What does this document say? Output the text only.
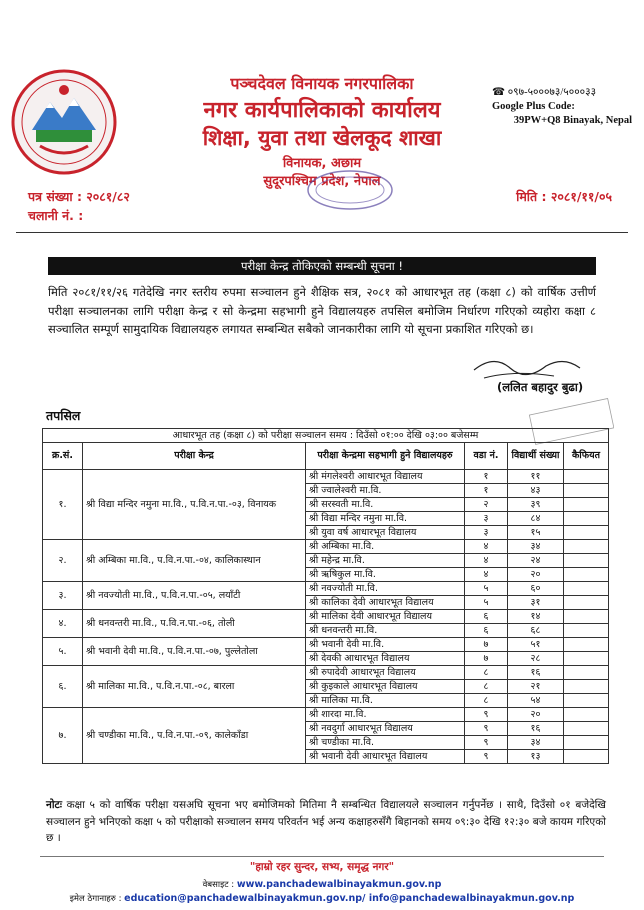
पञ्चदेवल विनायक नगरपालिका
नगर कार्यपालिकाको कार्यालय
शिक्षा, युवा तथा खेलकूद शाखा
विनायक, अछाम
सुदूरपश्चिम प्रदेश, नेपाल
☎ ०९७-५०००७३/५०००३३
Google Plus Code:
39PW+Q8 Binayak, Nepal
पत्र संख्या : २०८१/८२
चलानी नं. :
मिति : २०८१/११/०५
परीक्षा केन्द्र तोकिएको सम्बन्धी सूचना !
मिति २०८१/११/२६ गतेदेखि नगर स्तरीय रुपमा सञ्चालन हुने शैक्षिक सत्र, २०८१ को आधारभूत तह (कक्षा ८) को वार्षिक उत्तीर्ण परीक्षा सञ्चालनका लागि परीक्षा केन्द्र र सो केन्द्रमा सहभागी हुने विद्यालयहरु तपसिल बमोजिम निर्धारण गरिएको व्यहोरा कक्षा ८ सञ्चालित सम्पूर्ण सामुदायिक विद्यालयहरु लगायत सम्बन्धित सबैको जानकारीका लागि यो सूचना प्रकाशित गरिएको छ।
(ललित बहादुर बुढा)
तपसिल
आधारभूत तह (कक्षा ८) को परीक्षा सञ्चालन समय : दिउँसो ०१:०० देखि ०३:०० बजेसम्म					
क्र.सं.	परीक्षा केन्द्र	परीक्षा केन्द्रमा सहभागी हुने विद्यालयहरु	वडा नं.	विद्यार्थी संख्या	कैफियत
१.	श्री विद्या मन्दिर नमुना मा.वि., प.वि.न.पा.-०३, विनायक	श्री मंगलेश्वरी आधारभूत विद्यालय	१	११	
		श्री ज्वालेश्वरी मा.वि.	१	४३	
		श्री सरस्वती मा.वि.	२	३९	
		श्री विद्या मन्दिर नमुना मा.वि.	३	८४	
		श्री युवा वर्ष आधारभूत विद्यालय	३	१५	
२.	श्री अम्बिका मा.वि., प.वि.न.पा.-०४, कालिकास्थान	श्री अम्बिका मा.वि.	४	३४	
		श्री महेन्द्र मा.वि.	४	२४	
		श्री ऋषिकुल मा.वि.	४	२०	
३.	श्री नवज्योती मा.वि., प.वि.न.पा.-०५, लयाँटी	श्री नवज्योती मा.वि.	५	६०	
		श्री कालिका देवी आधारभूत विद्यालय	५	३१	
४.	श्री धनवन्तरी मा.वि., प.वि.न.पा.-०६, तोली	श्री मालिका देवी आधारभूत विद्यालय	६	१४	
		श्री धनवन्तरी मा.वि.	६	६८	
५.	श्री भवानी देवी मा.वि., प.वि.न.पा.-०७, पुल्लेतोला	श्री भवानी देवी मा.वि.	७	५१	
		श्री देवकी आधारभूत विद्यालय	७	२८	
६.	श्री मालिका मा.वि., प.वि.न.पा.-०८, बारला	श्री रुपादेवी आधारभूत विद्यालय	८	१६	
		श्री कुइकाले आधारभूत विद्यालय	८	२१	
		श्री मालिका मा.वि.	८	५४	
७.	श्री चण्डीका मा.वि., प.वि.न.पा.-०९, कालेकाँडा	श्री शारदा मा.वि.	९	२०	
		श्री नवदुर्गा आधारभूत विद्यालय	९	१६	
		श्री चण्डीका मा.वि.	९	३४	
		श्री भवानी देवी आधारभूत विद्यालय	९	१३	
नोटः कक्षा ५ को वार्षिक परीक्षा यसअघि सूचना भए बमोजिमको मितिमा नै सम्बन्धित विद्यालयले सञ्चालन गर्नुपर्नेछ । साथै, दिउँसो ०१ बजेदेखि सञ्चालन हुने भनिएको कक्षा ५ को परीक्षाको सञ्चालन समय परिवर्तन भई अन्य कक्षाहरुसँगै बिहानको समय ०९:३० देखि १२:३० बजे कायम गरिएको छ ।
"हाम्रो रहर सुन्दर, सभ्य, समृद्ध नगर"
वेबसाइट : www.panchadewalbinayakmun.gov.np
इमेल ठेगानाहरु : education@panchadewalbinayakmun.gov.np/ info@panchadewalbinayakmun.gov.np
